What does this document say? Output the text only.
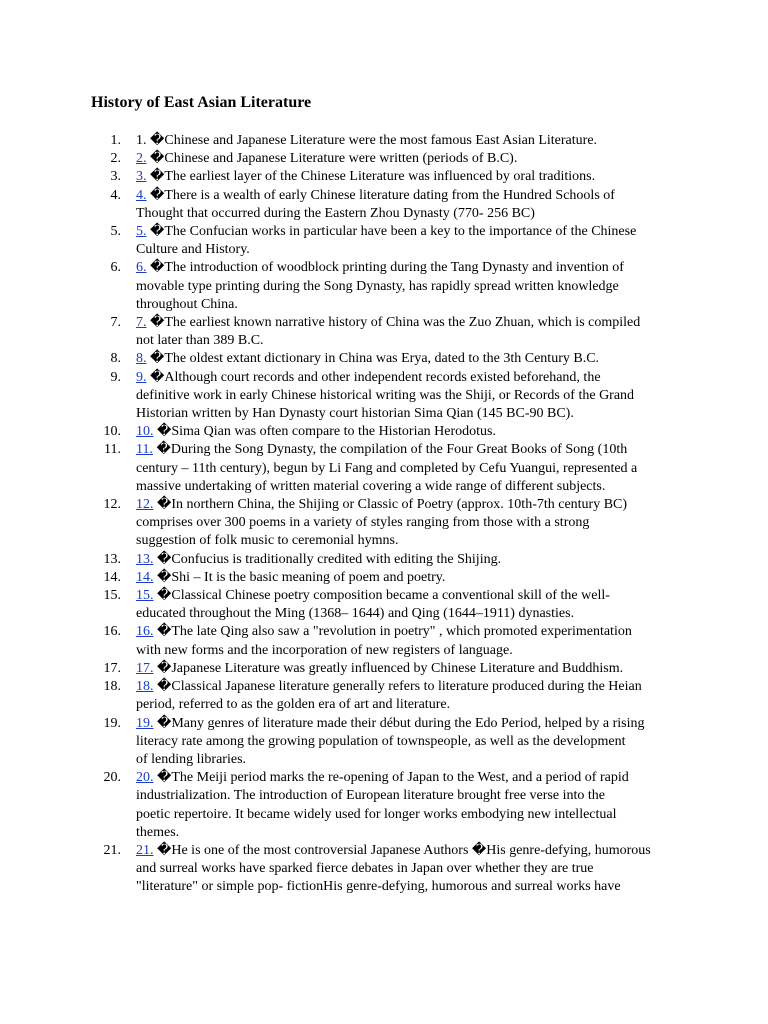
History of East Asian Literature
1. 1. �Chinese and Japanese Literature were the most famous East Asian Literature.
2. 2. �Chinese and Japanese Literature were written (periods of B.C).
3. 3. �The earliest layer of the Chinese Literature was influenced by oral traditions.
4. 4. �There is a wealth of early Chinese literature dating from the Hundred Schools of
Thought that occurred during the Eastern Zhou Dynasty (770- 256 BC)
5. 5. �The Confucian works in particular have been a key to the importance of the Chinese
Culture and History.
6. 6. �The introduction of woodblock printing during the Tang Dynasty and invention of
movable type printing during the Song Dynasty, has rapidly spread written knowledge
throughout China.
7. 7. �The earliest known narrative history of China was the Zuo Zhuan, which is compiled
not later than 389 B.C.
8. 8. �The oldest extant dictionary in China was Erya, dated to the 3th Century B.C.
9. 9. �Although court records and other independent records existed beforehand, the
definitive work in early Chinese historical writing was the Shiji, or Records of the Grand
Historian written by Han Dynasty court historian Sima Qian (145 BC-90 BC).
10. 10. �Sima Qian was often compare to the Historian Herodotus.
11. 11. �During the Song Dynasty, the compilation of the Four Great Books of Song (10th
century – 11th century), begun by Li Fang and completed by Cefu Yuangui, represented a
massive undertaking of written material covering a wide range of different subjects.
12. 12. �In northern China, the Shijing or Classic of Poetry (approx. 10th-7th century BC)
comprises over 300 poems in a variety of styles ranging from those with a strong
suggestion of folk music to ceremonial hymns.
13. 13. �Confucius is traditionally credited with editing the Shijing.
14. 14. �Shi – It is the basic meaning of poem and poetry.
15. 15. �Classical Chinese poetry composition became a conventional skill of the well-
educated throughout the Ming (1368– 1644) and Qing (1644–1911) dynasties.
16. 16. �The late Qing also saw a "revolution in poetry" , which promoted experimentation
with new forms and the incorporation of new registers of language.
17. 17. �Japanese Literature was greatly influenced by Chinese Literature and Buddhism.
18. 18. �Classical Japanese literature generally refers to literature produced during the Heian
period, referred to as the golden era of art and literature.
19. 19. �Many genres of literature made their début during the Edo Period, helped by a rising
literacy rate among the growing population of townspeople, as well as the development
of lending libraries.
20. 20. �The Meiji period marks the re-opening of Japan to the West, and a period of rapid
industrialization. The introduction of European literature brought free verse into the
poetic repertoire. It became widely used for longer works embodying new intellectual
themes.
21. 21. �He is one of the most controversial Japanese Authors �His genre-defying, humorous
and surreal works have sparked fierce debates in Japan over whether they are true
"literature" or simple pop- fictionHis genre-defying, humorous and surreal works have
